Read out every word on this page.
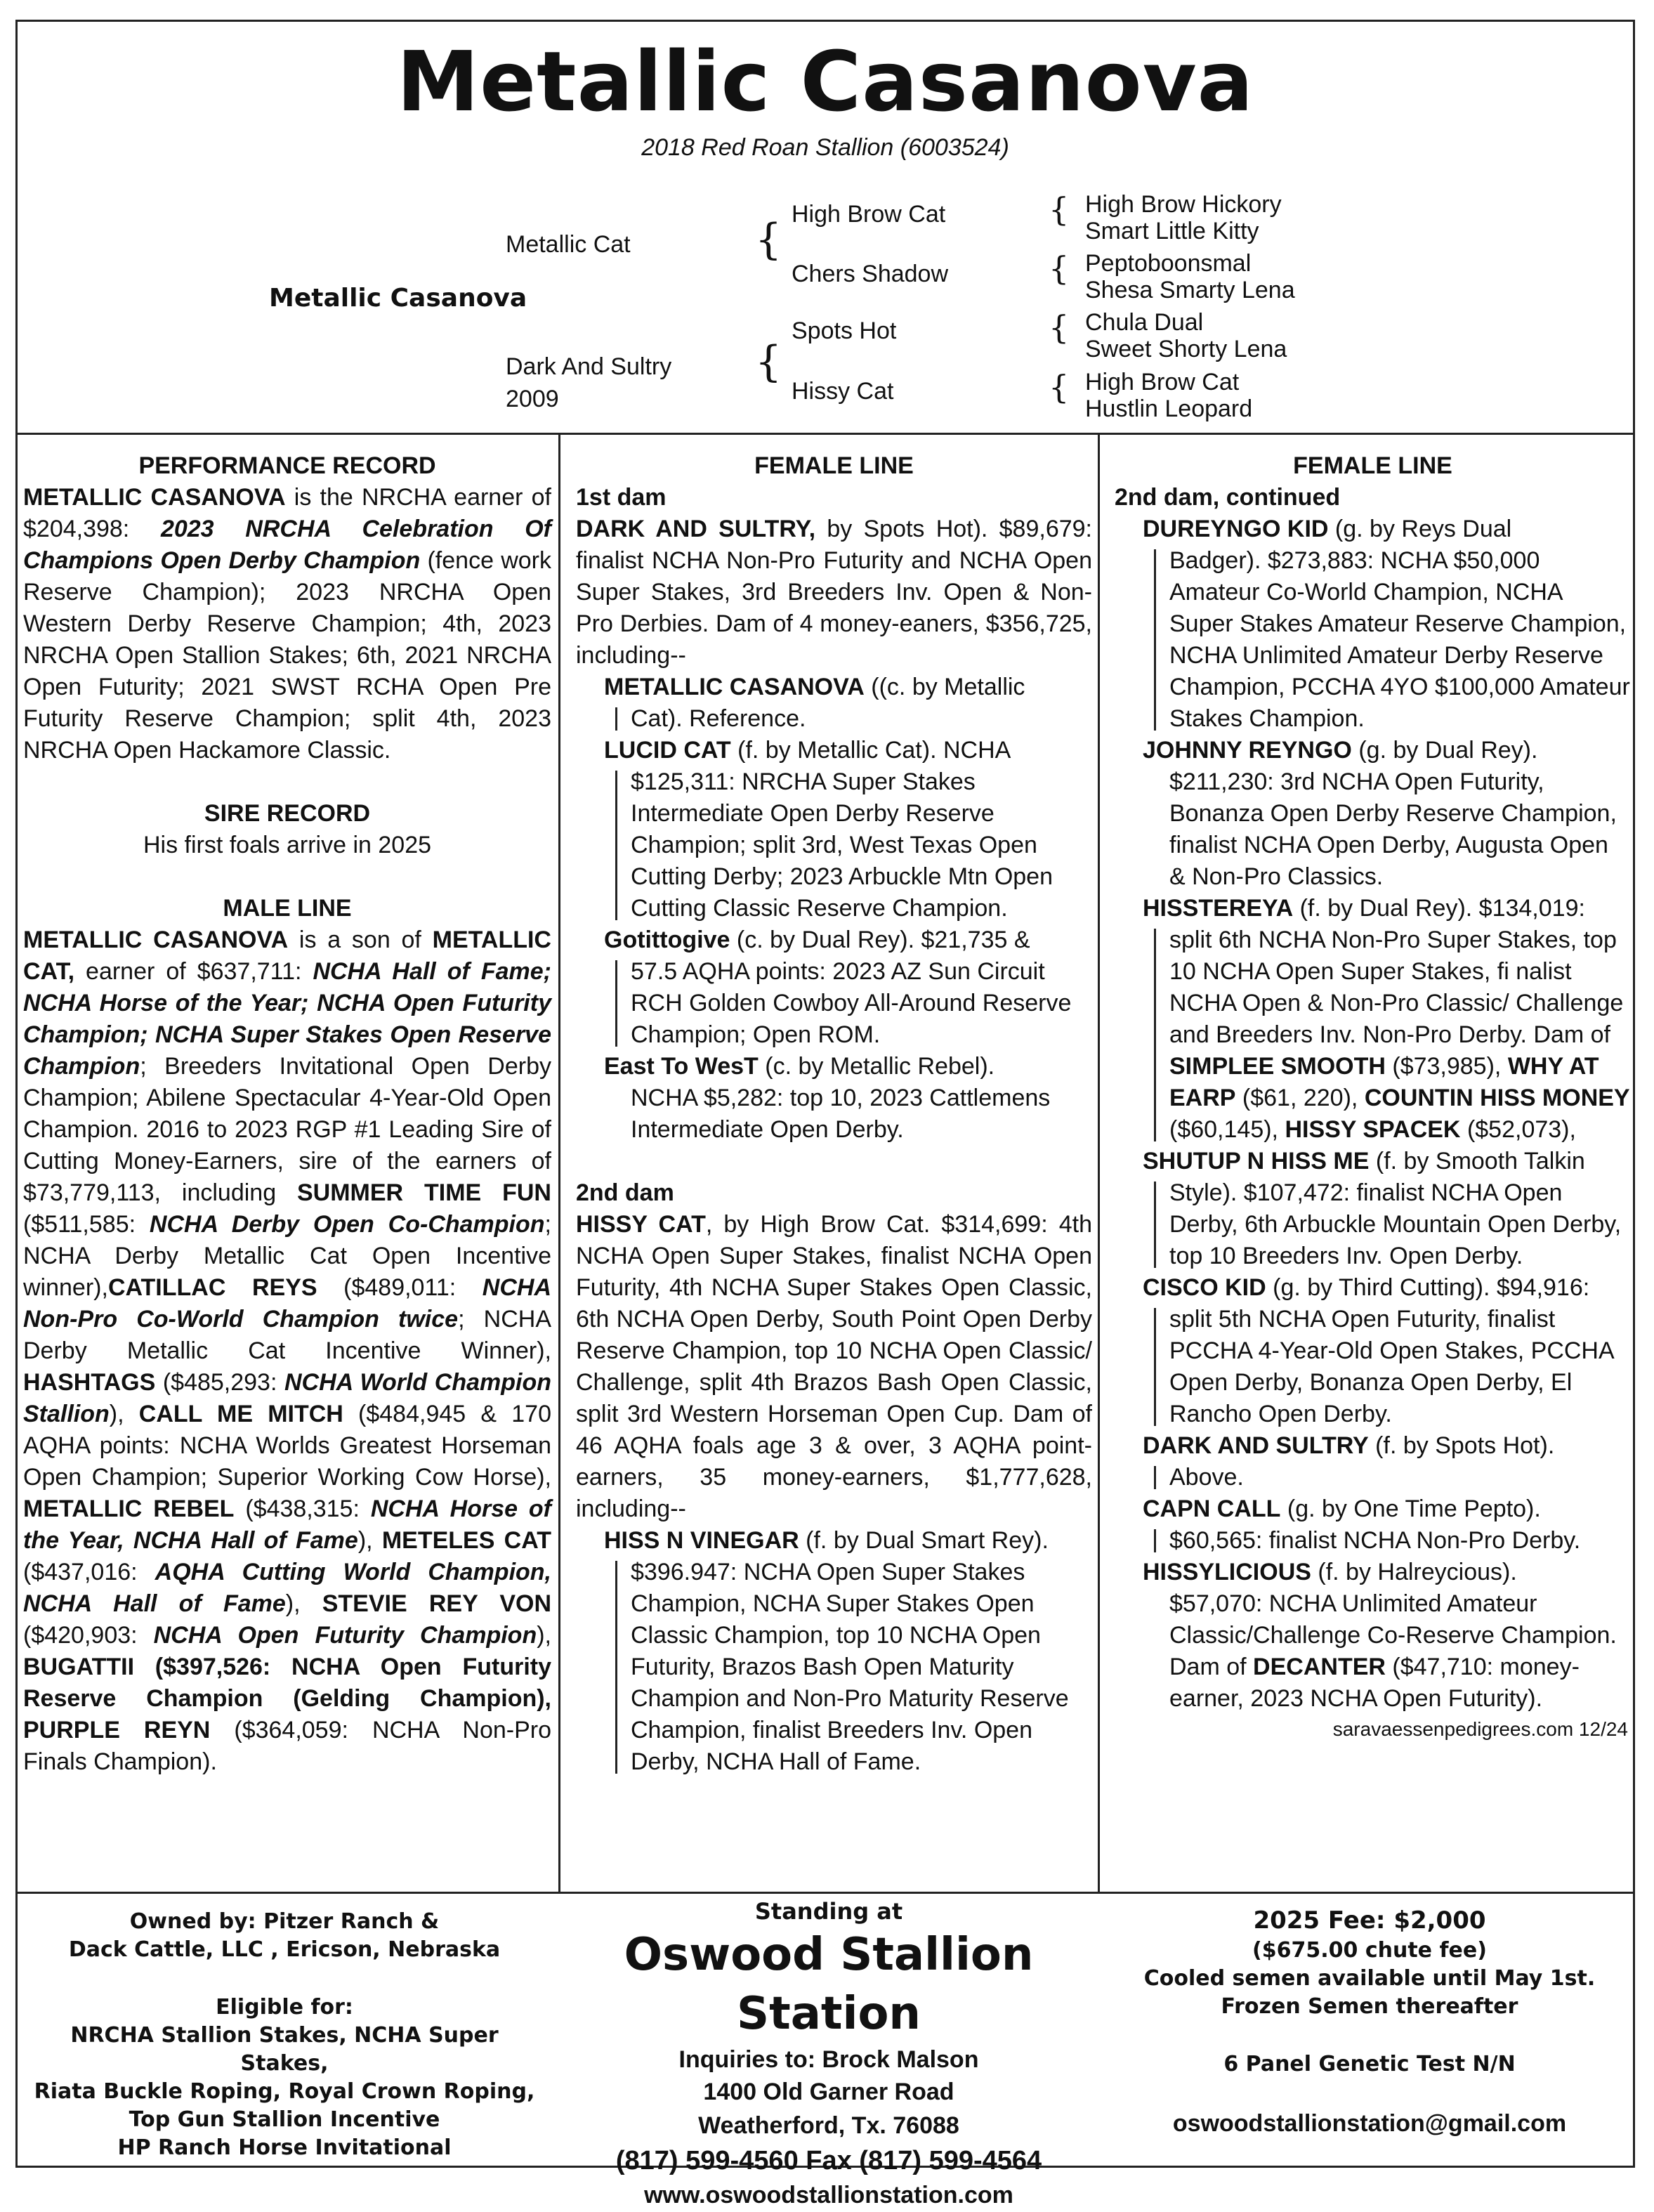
Metallic Casanova
2018 Red Roan Stallion (6003524)
Metallic Casanova
Metallic Cat
Dark And Sultry
2009
{
{
High Brow Cat
Chers Shadow
Spots Hot
Hissy Cat
{
{
{
{
High Brow Hickory
Smart Little Kitty
Peptoboonsmal
Shesa Smarty Lena
Chula Dual
Sweet Shorty Lena
High Brow Cat
Hustlin Leopard
PERFORMANCE RECORD

METALLIC CASANOVA is the NRCHA earner of $204,398: 2023 NRCHA Celebration Of Champions Open Derby Champion (fence work Reserve Champion); 2023 NRCHA Open Western Derby Reserve Champion; 4th, 2023 NRCHA Open Stallion Stakes; 6th, 2021 NRCHA Open Futurity; 2021 SWST RCHA Open Pre Futurity Reserve Champion; split 4th, 2023 NRCHA Open Hackamore Classic.

SIRE RECORD
His first foals arrive in 2025
MALE LINE

METALLIC CASANOVA is a son of METALLIC CAT, earner of $637,711: NCHA Hall of Fame; NCHA Horse of the Year; NCHA Open Futurity Champion; NCHA Super Stakes Open Reserve Champion; Breeders Invitational Open Derby Champion; Abilene Spectacular 4-Year-Old Open Champion. 2016 to 2023 RGP #1 Leading Sire of Cutting Money-Earners, sire of the earners of $73,779,113, including SUMMER TIME FUN ($511,585: NCHA Derby Open Co-Champion; NCHA Derby Metallic Cat Open Incentive winner),CATILLAC REYS ($489,011: NCHA Non-Pro Co-World Champion twice; NCHA Derby Metallic Cat Incentive Winner), HASHTAGS ($485,293: NCHA World Champion Stallion), CALL ME MITCH ($484,945 & 170 AQHA points: NCHA Worlds Greatest Horseman Open Champion; Superior Working Cow Horse), METALLIC REBEL ($438,315: NCHA Horse of the Year, NCHA Hall of Fame), METELES CAT ($437,016: AQHA Cutting World Champion, NCHA Hall of Fame), STEVIE REY VON ($420,903: NCHA Open Futurity Champion), BUGATTII ($397,526: NCHA Open Futurity Reserve Champion (Gelding Champion), PURPLE REYN ($364,059: NCHA Non-Pro Finals Champion).

FEMALE LINE
1st dam

DARK AND SULTRY, by Spots Hot). $89,679: finalist NCHA Non-Pro Futurity and NCHA Open Super Stakes, 3rd Breeders Inv. Open & Non-Pro Derbies. Dam of 4 money-eaners, $356,725, including--

METALLIC CASANOVA ((c. by Metallic
Cat). Reference.
LUCID CAT (f. by Metallic Cat). NCHA
$125,311: NRCHA Super Stakes Intermediate Open Derby Reserve Champion; split 3rd, West Texas Open Cutting Derby; 2023 Arbuckle Mtn Open Cutting Classic Reserve Champion.
Gotittogive (c. by Dual Rey). $21,735 &
57.5 AQHA points: 2023 AZ Sun Circuit RCH Golden Cowboy All-Around Reserve Champion; Open ROM.
East To WesT (c. by Metallic Rebel).
NCHA $5,282: top 10, 2023 Cattlemens Intermediate Open Derby.
2nd dam

HISSY CAT, by High Brow Cat. $314,699: 4th NCHA Open Super Stakes, finalist NCHA Open Futurity, 4th NCHA Super Stakes Open Classic, 6th NCHA Open Derby, South Point Open Derby Reserve Champion, top 10 NCHA Open Classic/ Challenge, split 4th Brazos Bash Open Classic, split 3rd Western Horseman Open Cup. Dam of 46 AQHA foals age 3 & over, 3 AQHA point-earners, 35 money-earners, $1,777,628, including--

HISS N VINEGAR (f. by Dual Smart Rey).
$396.947: NCHA Open Super Stakes Champion, NCHA Super Stakes Open Classic Champion, top 10 NCHA Open Futurity, Brazos Bash Open Maturity Champion and Non-Pro Maturity Reserve Champion, finalist Breeders Inv. Open Derby, NCHA Hall of Fame.
FEMALE LINE
2nd dam, continued
DUREYNGO KID (g. by Reys Dual
Badger). $273,883: NCHA $50,000 Amateur Co-World Champion, NCHA Super Stakes Amateur Reserve Champion, NCHA Unlimited Amateur Derby Reserve Champion, PCCHA 4YO $100,000 Amateur Stakes Champion.
JOHNNY REYNGO (g. by Dual Rey).
$211,230: 3rd NCHA Open Futurity, Bonanza Open Derby Reserve Champion, finalist NCHA Open Derby, Augusta Open & Non-Pro Classics.
HISSTEREYA (f. by Dual Rey). $134,019:
split 6th NCHA Non-Pro Super Stakes, top 10 NCHA Open Super Stakes, fi nalist NCHA Open & Non-Pro Classic/ Challenge and Breeders Inv. Non-Pro Derby. Dam of SIMPLEE SMOOTH ($73,985), WHY AT EARP ($61, 220), COUNTIN HISS MONEY ($60,145), HISSY SPACEK ($52,073),
SHUTUP N HISS ME (f. by Smooth Talkin
Style). $107,472: finalist NCHA Open Derby, 6th Arbuckle Mountain Open Derby, top 10 Breeders Inv. Open Derby.
CISCO KID (g. by Third Cutting). $94,916:
split 5th NCHA Open Futurity, finalist PCCHA 4-Year-Old Open Stakes, PCCHA Open Derby, Bonanza Open Derby, El Rancho Open Derby.
DARK AND SULTRY (f. by Spots Hot).
Above.
CAPN CALL (g. by One Time Pepto).
$60,565: finalist NCHA Non-Pro Derby.
HISSYLICIOUS (f. by Halreycious).
$57,070: NCHA Unlimited Amateur Classic/Challenge Co-Reserve Champion. Dam of DECANTER ($47,710: money-earner, 2023 NCHA Open Futurity).
saravaessenpedigrees.com 12/24
Owned by: Pitzer Ranch &
Dack Cattle, LLC , Ericson, Nebraska
Eligible for:
NRCHA Stallion Stakes, NCHA Super Stakes,
Riata Buckle Roping, Royal Crown Roping,
Top Gun Stallion Incentive
HP Ranch Horse Invitational
Standing at
Oswood Stallion Station
Inquiries to: Brock Malson
1400 Old Garner Road
Weatherford, Tx. 76088
(817) 599-4560 Fax (817) 599-4564
www.oswoodstallionstation.com
2025 Fee: $2,000
($675.00 chute fee)
Cooled semen available until May 1st.
Frozen Semen thereafter
6 Panel Genetic Test N/N
oswoodstallionstation@gmail.com
